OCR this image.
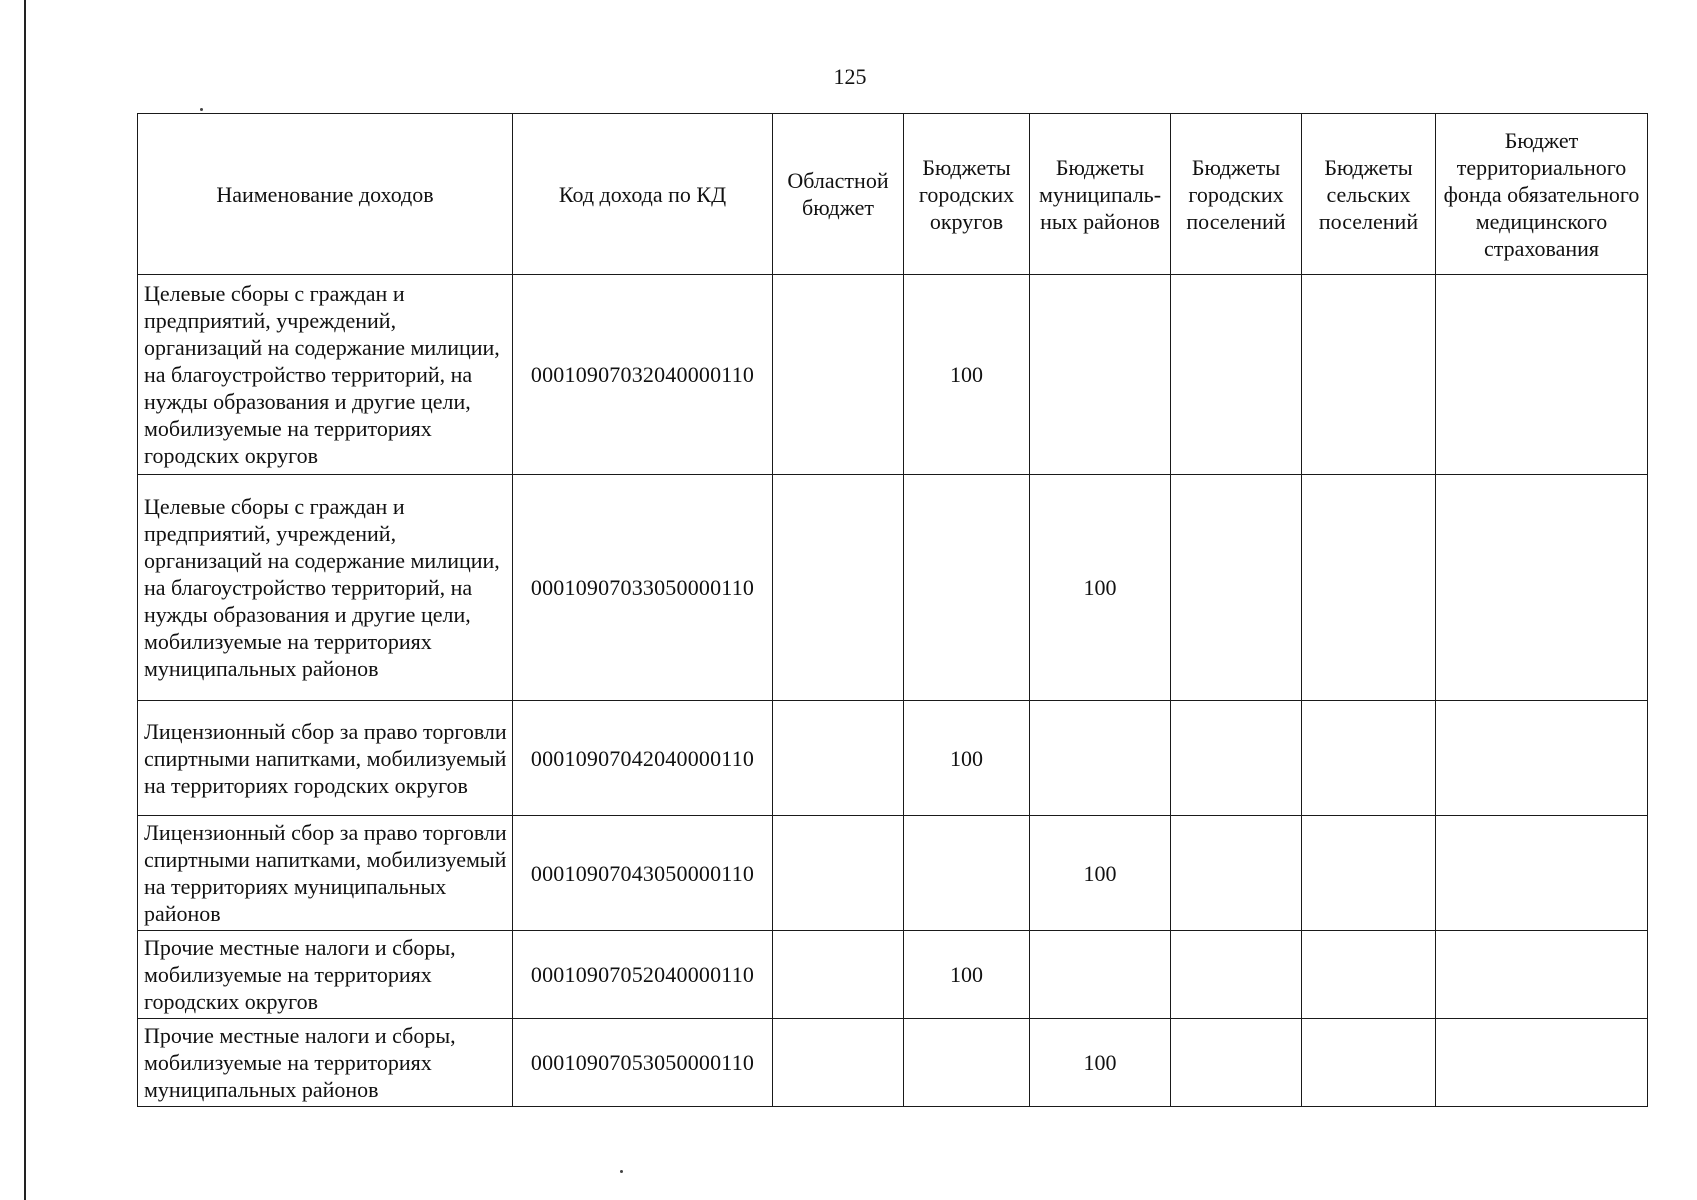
125
Наименование доходов	Код дохода по КД	Областной бюджет	Бюджеты городских округов	Бюджеты муниципаль-ных районов	Бюджеты городских поселений	Бюджеты сельских поселений	Бюджет территориального фонда обязательного медицинского страхования
Целевые сборы с граждан и предприятий, учреждений, организаций на содержание милиции, на благоустройство территорий, на нужды образования и другие цели, мобилизуемые на территориях городских округов	00010907032040000110		100				
Целевые сборы с граждан и предприятий, учреждений, организаций на содержание милиции, на благоустройство территорий, на нужды образования и другие цели, мобилизуемые на территориях муниципальных районов	00010907033050000110			100			
Лицензионный сбор за право торговли спиртными напитками, мобилизуемый на территориях городских округов	00010907042040000110		100				
Лицензионный сбор за право торговли спиртными напитками, мобилизуемый на территориях муниципальных районов	00010907043050000110			100			
Прочие местные налоги и сборы, мобилизуемые на территориях городских округов	00010907052040000110		100				
Прочие местные налоги и сборы, мобилизуемые на территориях муниципальных районов	00010907053050000110			100			
